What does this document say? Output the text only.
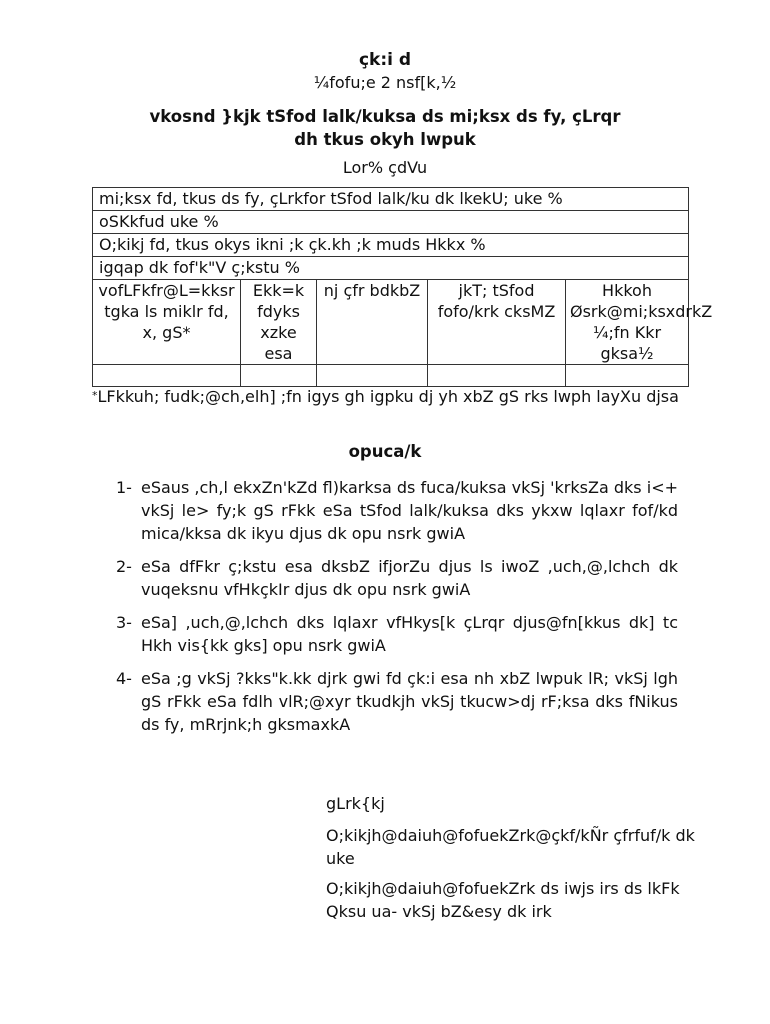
çk:i d
¼fofu;e 2 nsf[k,½
vkosnd }kjk tSfod lalk/kuksa ds mi;ksx ds fy, çLrqr
dh tkus okyh lwpuk
Lor% çdVu
mi;ksx fd, tkus ds fy, çLrkfor tSfod lalk/ku dk lkekU; uke %				
oSKkfud uke %				
O;kikj fd, tkus okys ikni ;k çk.kh ;k muds Hkkx %				
igqap dk fof'k"V ç;kstu %				
vofLFkfr@L=kksr tgka ls miklr fd, x, gS*	Ekk=k fdyks xzke esa	nj çfr bdkbZ	jkT; tSfod fofo/krk cksMZ	Hkkoh Øsrk@mi;ksxdrkZ ¼;fn Kkr gksa½

*LFkkuh; fudk;@ch,elh] ;fn igys gh igpku dj yh xbZ gS rks lwph layXu djsa
opuca/k
1- eSaus ,ch,l ekxZn'kZd fl)karksa ds fuca/kuksa vkSj 'krksZa dks i<+ vkSj le> fy;k gS rFkk eSa tSfod lalk/kuksa dks ykxw lqlaxr fof/kd mica/kksa dk ikyu djus dk opu nsrk gwiA
2- eSa dfFkr ç;kstu esa dksbZ ifjorZu djus ls iwoZ ,uch,@,lchch dk vuqeksnu vfHkçkIr djus dk opu nsrk gwiA
3- eSa] ,uch,@,lchch dks lqlaxr vfHkys[k çLrqr djus@fn[kkus dk] tc Hkh vis{kk gks] opu nsrk gwiA
4- eSa ;g vkSj ?kks"k.kk djrk gwi fd çk:i esa nh xbZ lwpuk lR; vkSj lgh gS rFkk eSa fdlh vlR;@xyr tkudkjh vkSj tkucw>dj rF;ksa dks fNikus ds fy, mRrjnk;h gksmaxkA
gLrk{kj
O;kikjh@daiuh@fofuekZrk@çkf/kÑr çfrfuf/k dk uke
O;kikjh@daiuh@fofuekZrk ds iwjs irs ds lkFk Qksu ua- vkSj bZ&esy dk irk
